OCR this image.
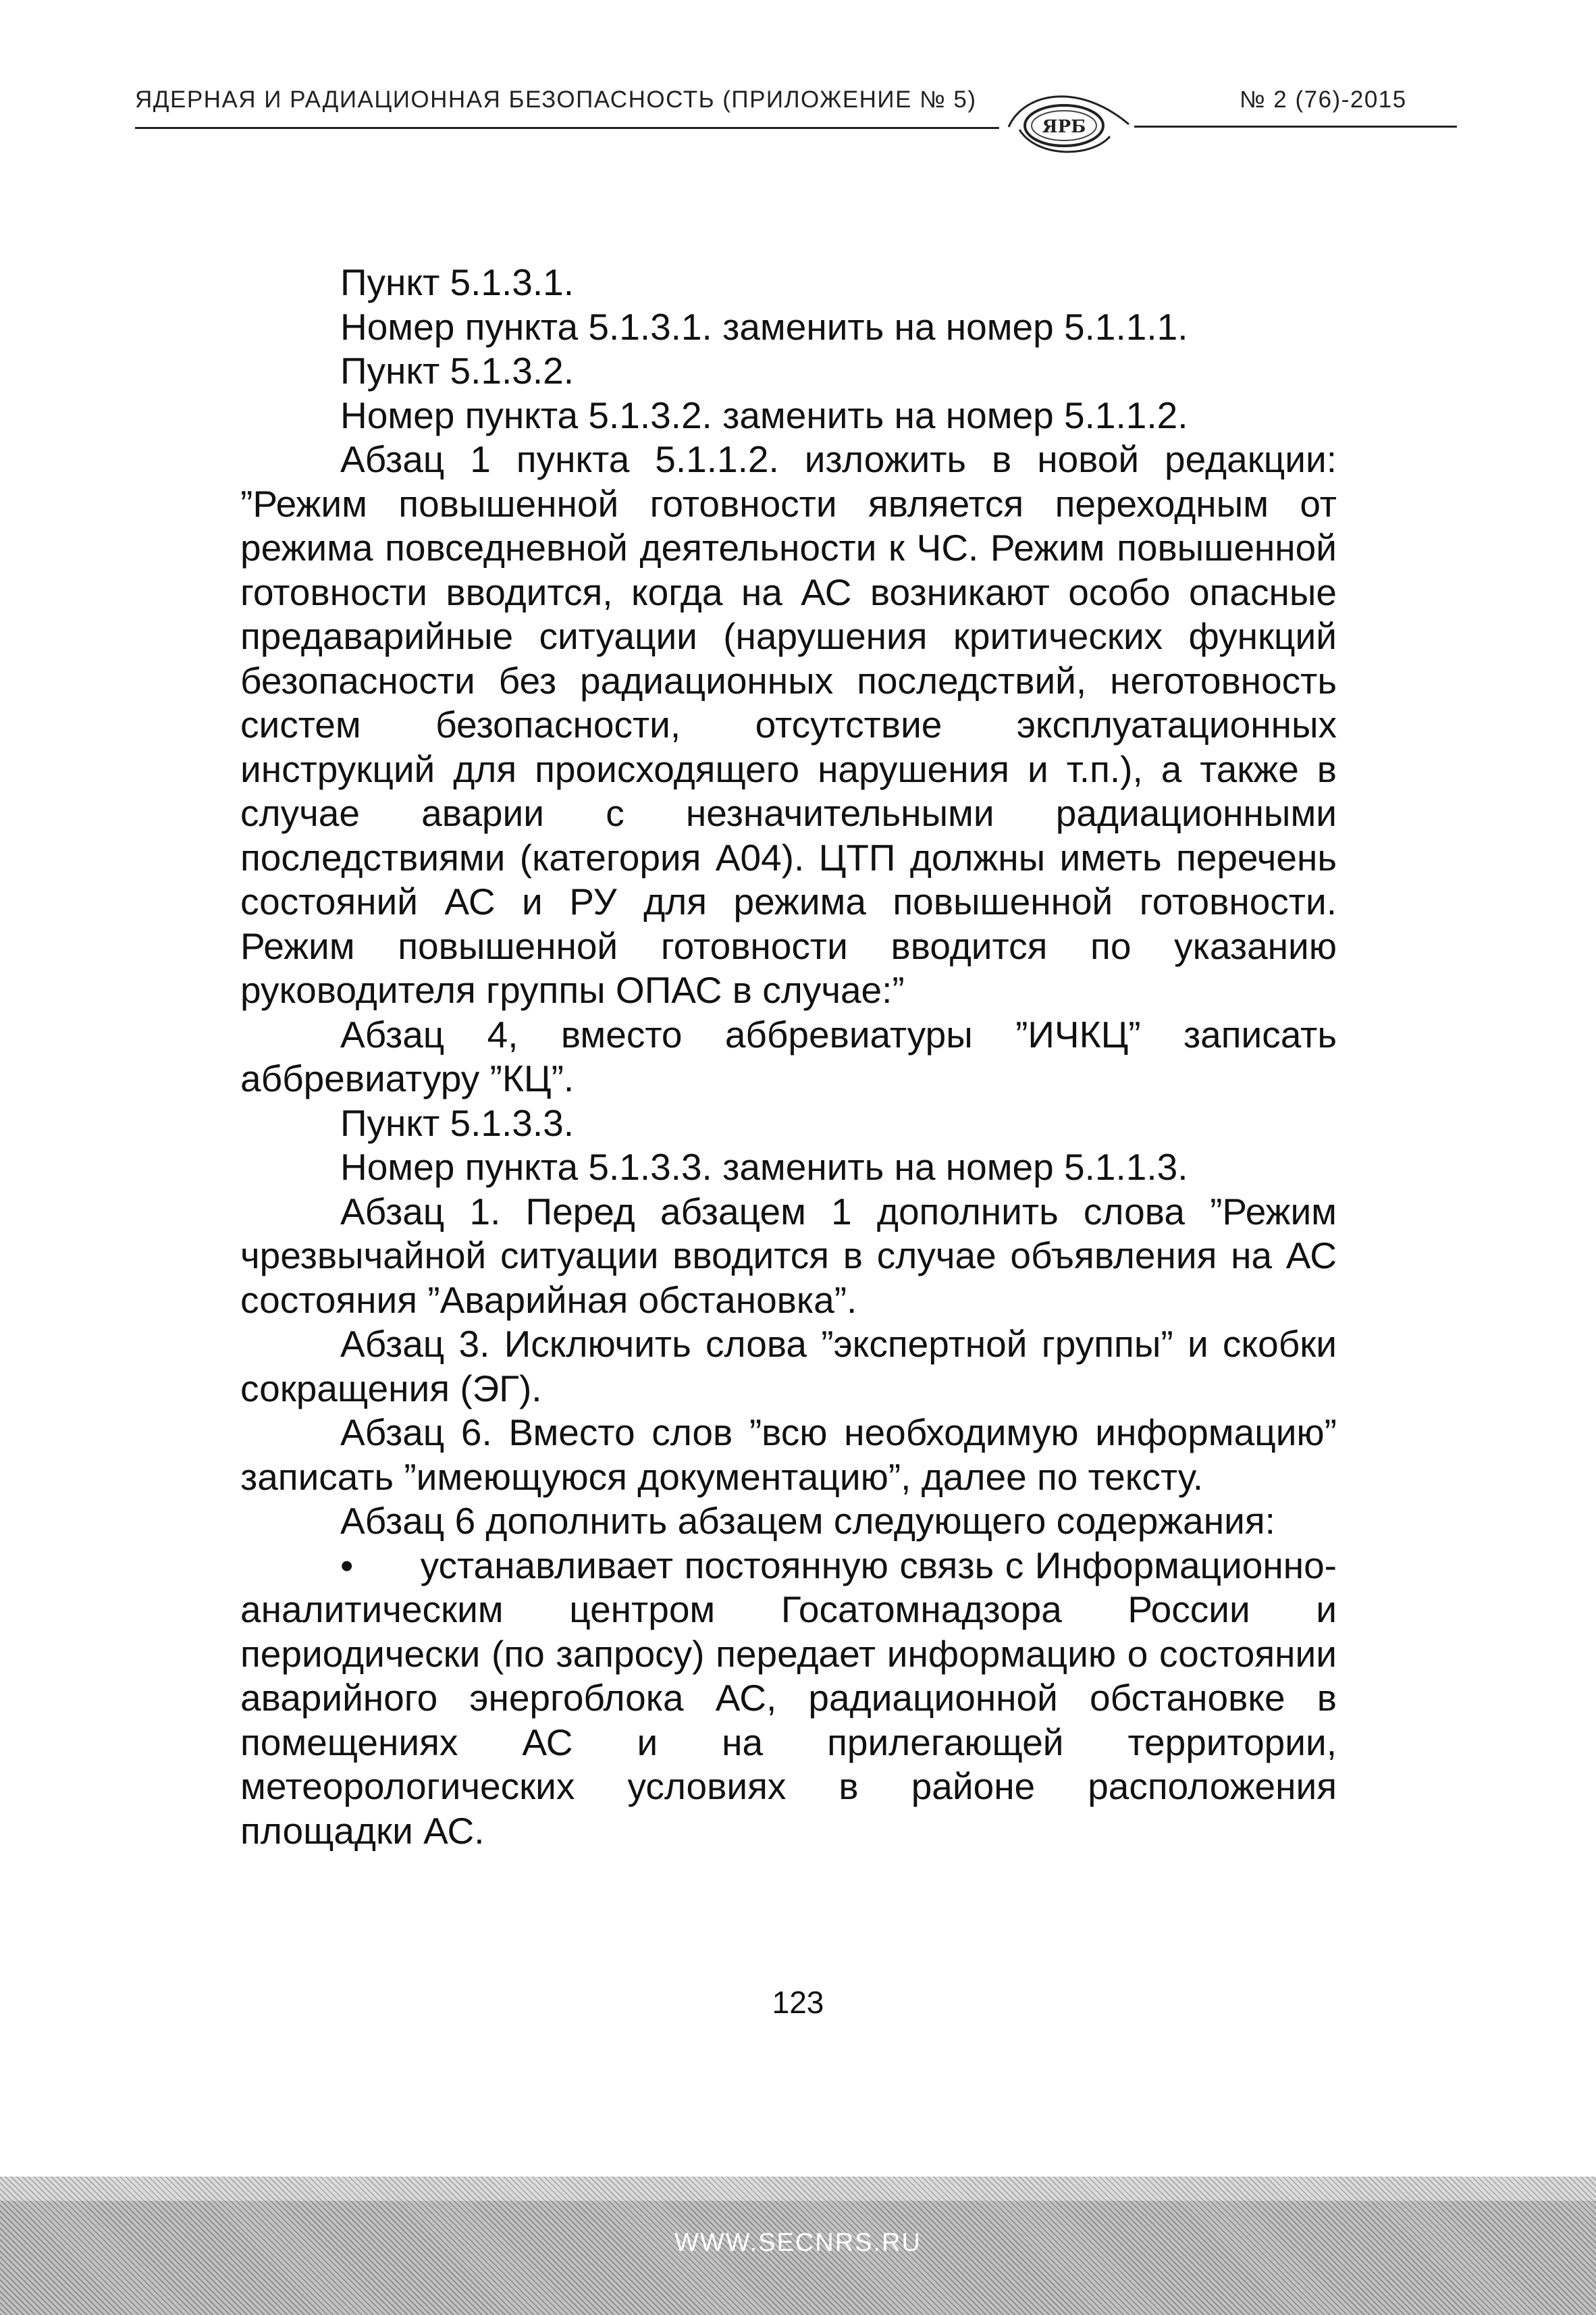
ЯДЕРНАЯ И РАДИАЦИОННАЯ БЕЗОПАСНОСТЬ (ПРИЛОЖЕНИЕ № 5)	№ 2 (76)-2015
ЯРБ

Пункт 5.1.3.1.

Номер пункта 5.1.3.1. заменить на номер 5.1.1.1.

Пункт 5.1.3.2.

Номер пункта 5.1.3.2. заменить на номер 5.1.1.2.

Абзац 1 пункта 5.1.1.2. изложить в новой редакции: ”Режим повышенной готовности является переходным от режима повседневной деятельности к ЧС. Режим повышенной готовности вводится, когда на АС возникают особо опасные предаварийные ситуации (нарушения критических функций безопасности без радиационных последствий, неготовность систем безопасности, отсутствие эксплуатационных инструкций для происходящего нарушения и т.п.), а также в случае аварии с незначительными радиационными последствиями (категория А04). ЦТП должны иметь перечень состояний АС и РУ для режима повышенной готовности. Режим повышенной готовности вводится по указанию руководителя группы ОПАС в случае:”

Абзац 4, вместо аббревиатуры ”ИЧКЦ” записать аббревиатуру ”КЦ”.

Пункт 5.1.3.3.

Номер пункта 5.1.3.3. заменить на номер 5.1.1.3.

Абзац 1. Перед абзацем 1 дополнить слова ”Режим чрезвычайной ситуации вводится в случае объявления на АС состояния ”Аварийная обстановка”.

Абзац 3. Исключить слова ”экспертной группы” и скобки сокращения (ЭГ).

Абзац 6. Вместо слов ”всю необходимую информацию” записать ”имеющуюся документацию”, далее по тексту.

Абзац 6 дополнить абзацем следующего содержания:

• устанавливает постоянную связь с Информационно-аналитическим центром Госатомнадзора России и периодически (по запросу) передает информацию о состоянии аварийного энергоблока АС, радиационной обстановке в помещениях АС и на прилегающей территории, метеорологических условиях в районе расположения площадки АС.

123
WWW.SECNRS.RU
